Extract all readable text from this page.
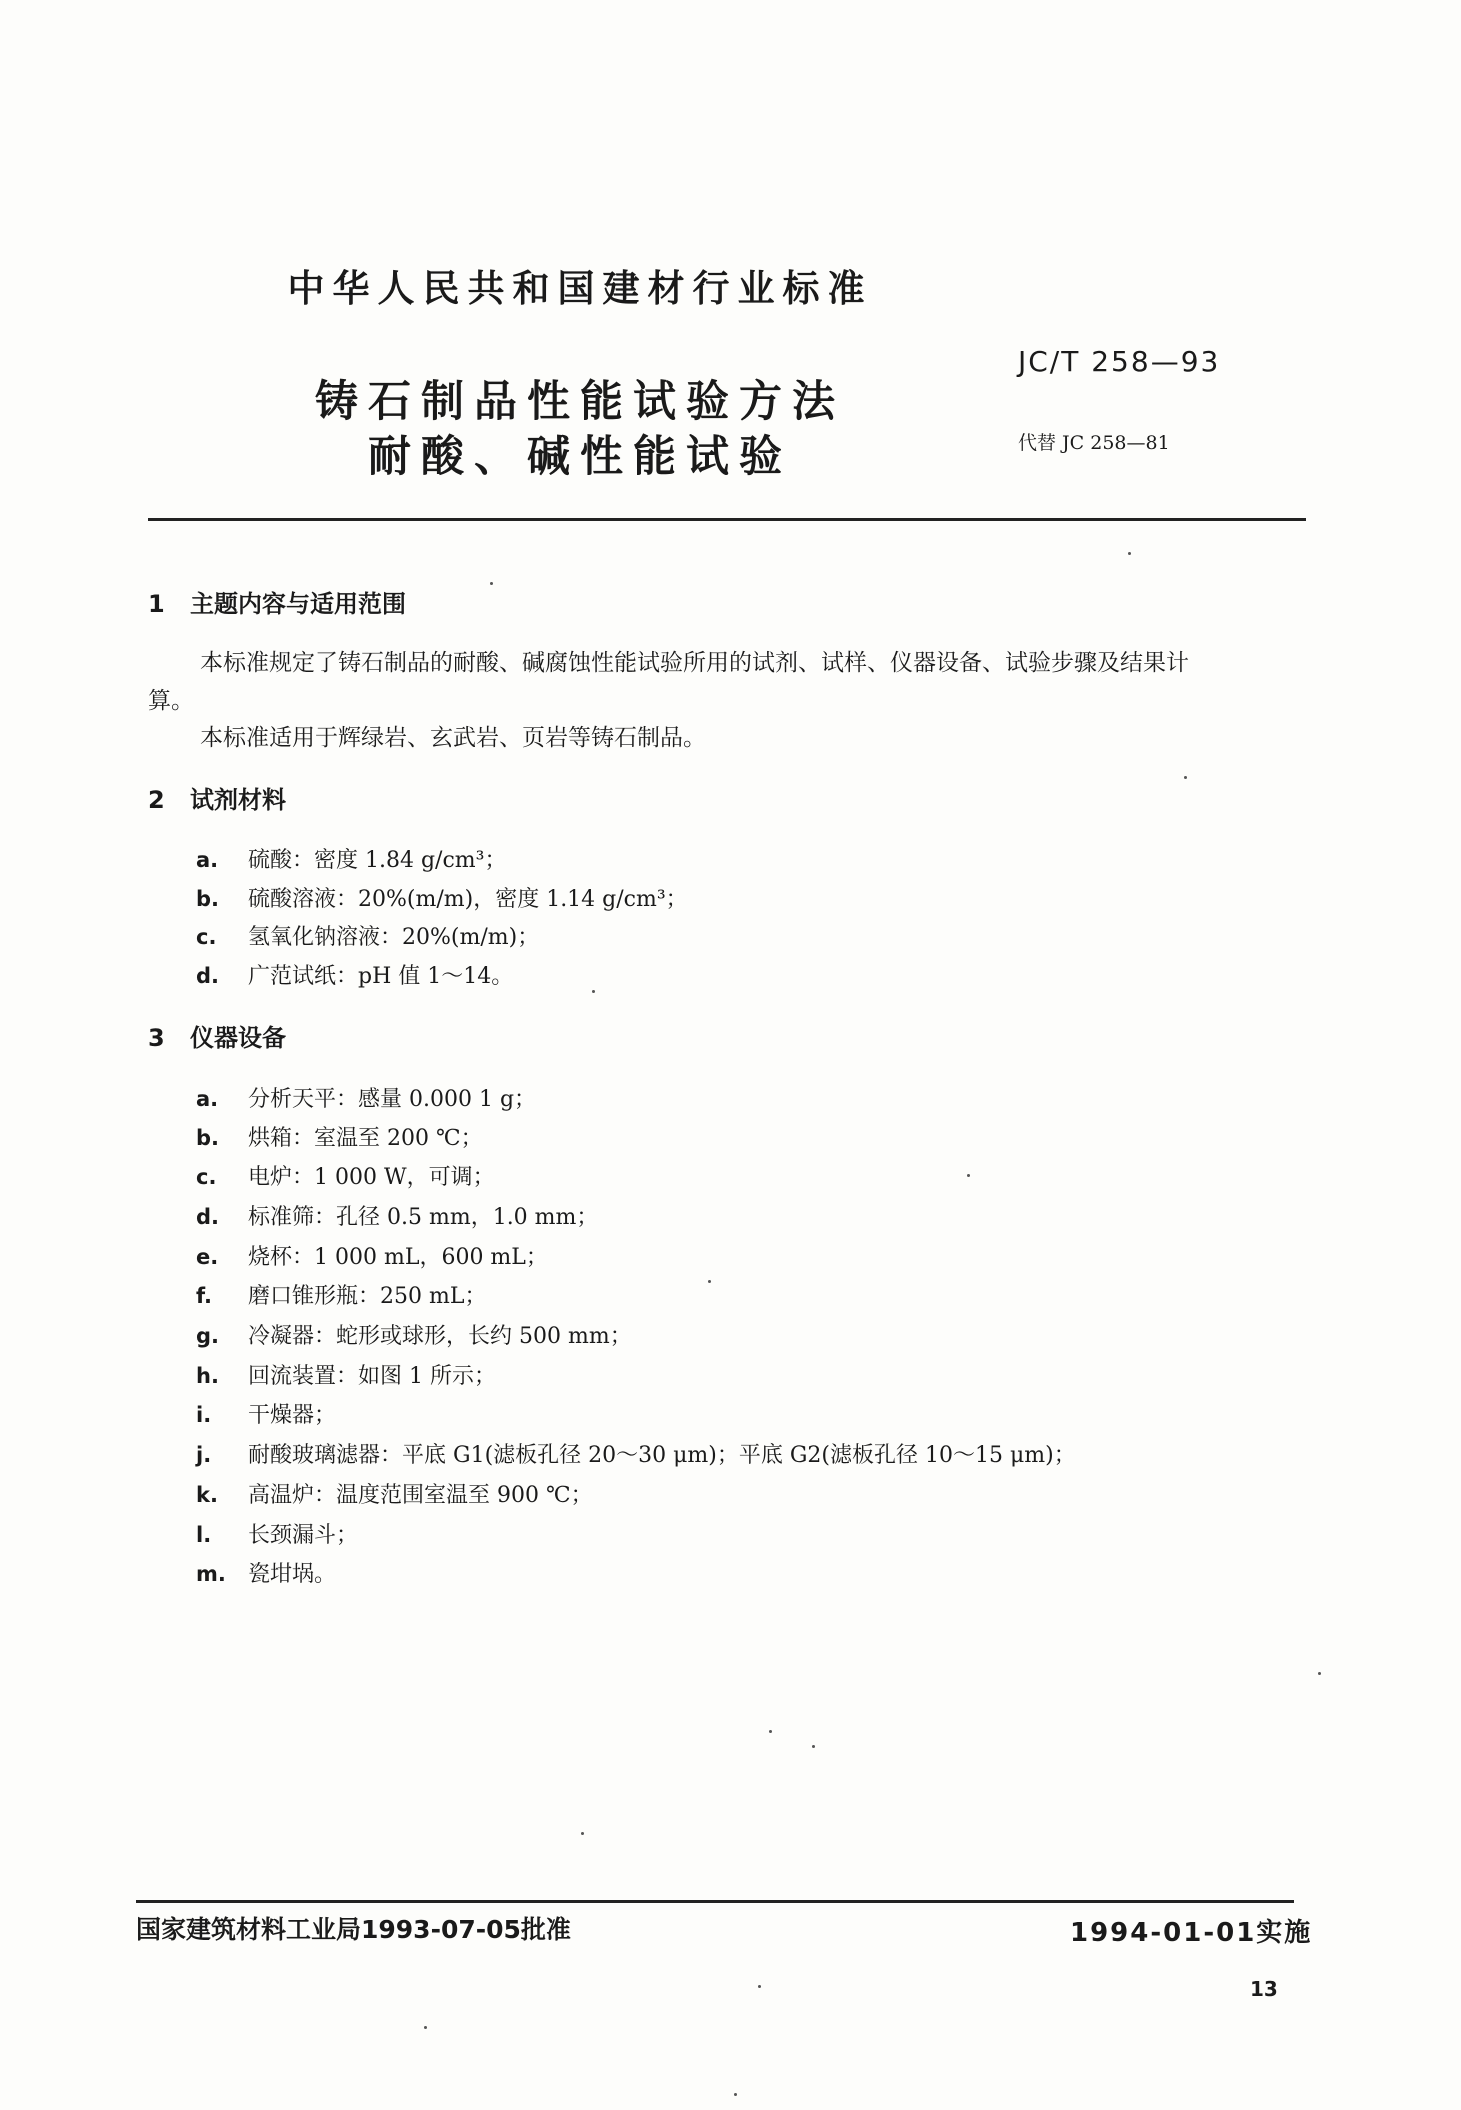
中华人民共和国建材行业标准
铸石制品性能试验方法
耐酸、碱性能试验
JC/T 258—93
代替 JC 258—81
1 主题内容与适用范围
本标准规定了铸石制品的耐酸、碱腐蚀性能试验所用的试剂、试样、仪器设备、试验步骤及结果计
算。
本标准适用于辉绿岩、玄武岩、页岩等铸石制品。
2 试剂材料
a. 硫酸：密度 1.84 g/cm³；
b. 硫酸溶液：20%(m/m)，密度 1.14 g/cm³；
c. 氢氧化钠溶液：20%(m/m)；
d. 广范试纸：pH 值 1～14。
3 仪器设备
a. 分析天平：感量 0.000 1 g；
b. 烘箱：室温至 200 ℃；
c. 电炉：1 000 W，可调；
d. 标准筛：孔径 0.5 mm，1.0 mm；
e. 烧杯：1 000 mL，600 mL；
f. 磨口锥形瓶：250 mL；
g. 冷凝器：蛇形或球形，长约 500 mm；
h. 回流装置：如图 1 所示；
i. 干燥器；
j. 耐酸玻璃滤器：平底 G1(滤板孔径 20～30 μm)；平底 G2(滤板孔径 10～15 μm)；
k. 高温炉：温度范围室温至 900 ℃；
l. 长颈漏斗；
m. 瓷坩埚。
国家建筑材料工业局1993-07-05批准	1994-01-01实施
13
